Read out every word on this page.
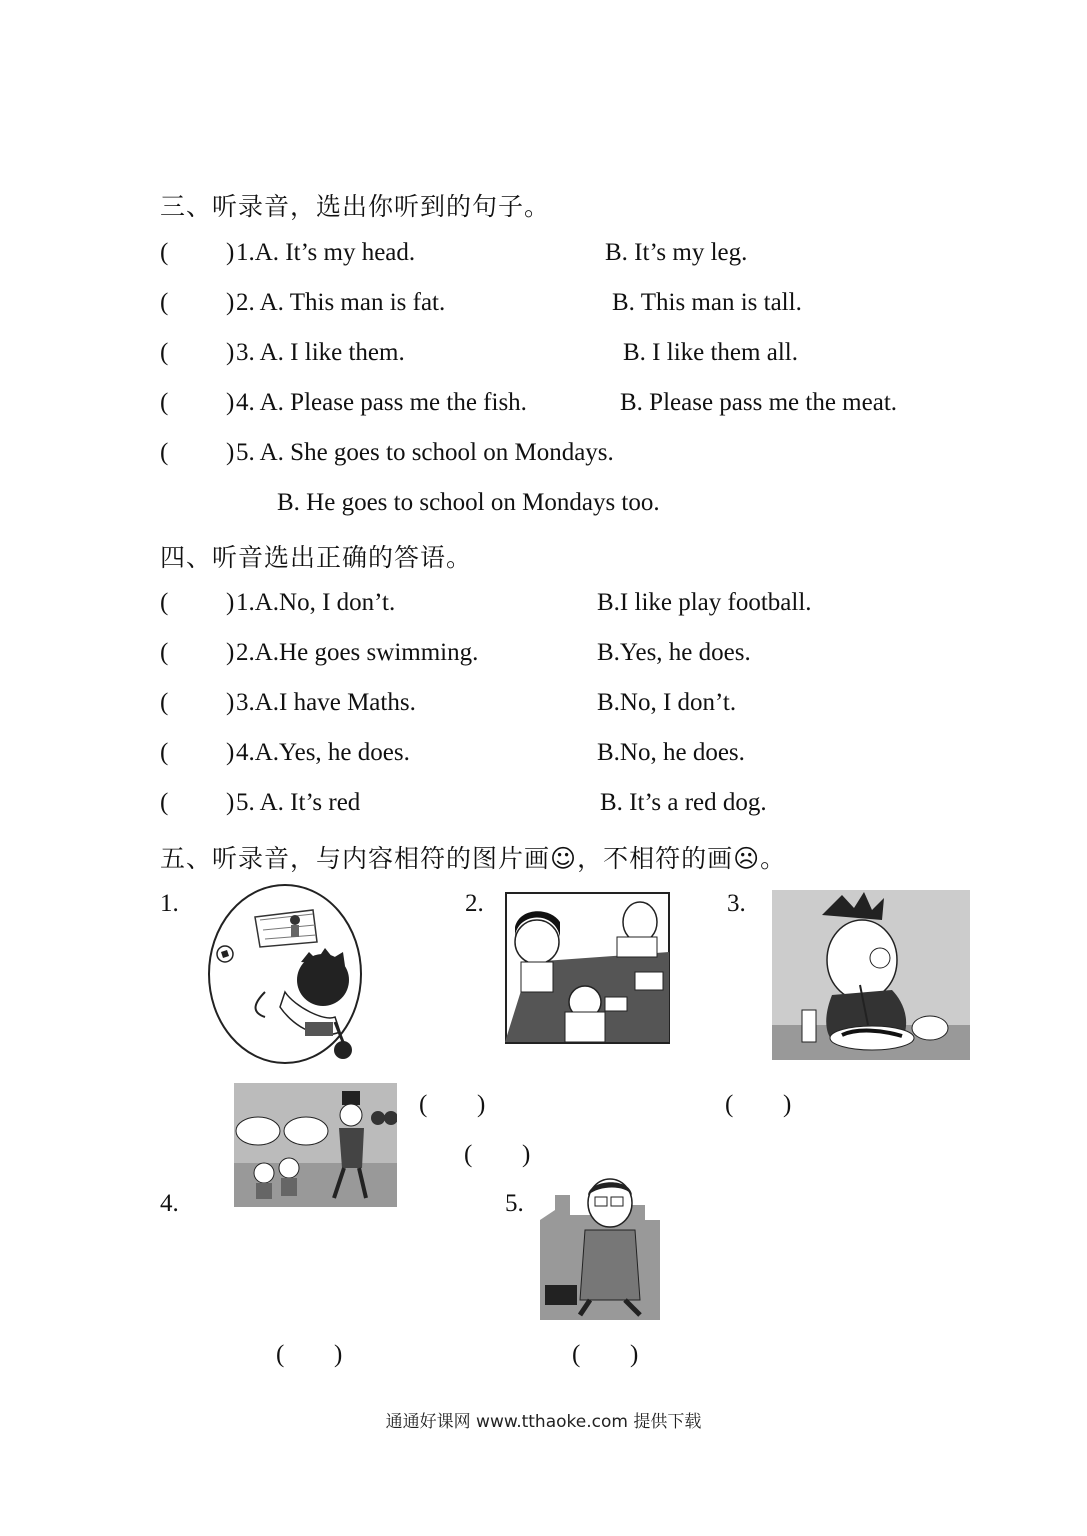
三、听录音，选出你听到的句子。
( ) 1.A. It’s my head.	B. It’s my leg.
( ) 2. A. This man is fat.	B. This man is tall.
( ) 3. A. I like them.	B. I like them all.
( ) 4. A. Please pass me the fish.	B. Please pass me the meat.
( ) 5. A. She goes to school on Mondays.
B. He goes to school on Mondays too.
四、听音选出正确的答语。
( ) 1.A.No, I don’t.	B.I like play football.
( ) 2.A.He goes swimming.	B.Yes, he does.
( ) 3.A.I have Maths.	B.No, I don’t.
( ) 4.A.Yes, he does.	B.No, he does.
( ) 5. A. It’s red	B. It’s a red dog.
五、听录音，与内容相符的图片画☺，不相符的画☹。
1.	2.	3.
4.	5.
( )	( )
( )
( )	( )
通通好课网 www.tthaoke.com 提供下载
